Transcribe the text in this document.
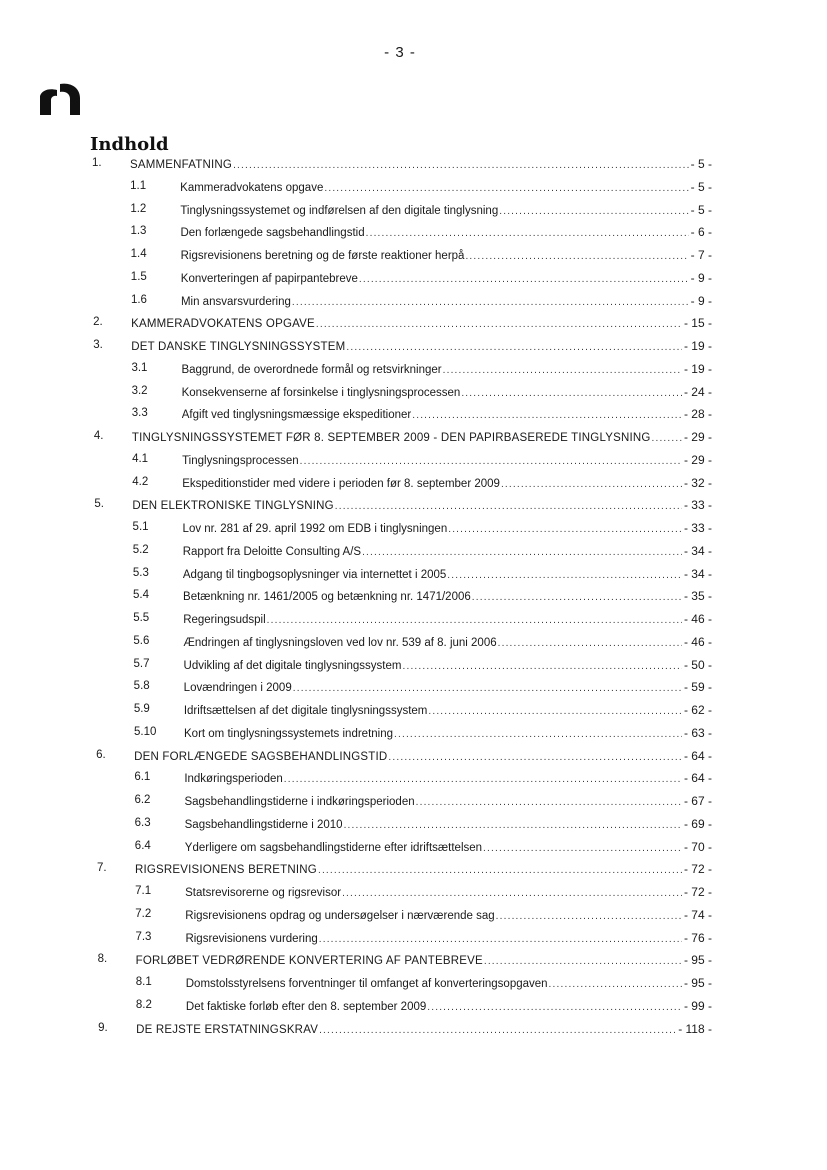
- 3 -
Indhold
1. SAMMENFATNING .....	- 5 -
1.1	Kammeradvokatens opgave .....	- 5 -
1.2	Tinglysningssystemet og indførelsen af den digitale tinglysning .....	- 5 -
1.3	Den forlængede sagsbehandlingstid .....	- 6 -
1.4	Rigsrevisionens beretning og de første reaktioner herpå .....	- 7 -
1.5	Konverteringen af papirpantebreve .....	- 9 -
1.6	Min ansvarsvurdering .....	- 9 -
2. KAMMERADVOKATENS OPGAVE .....	- 15 -
3. DET DANSKE TINGLYSNINGSSYSTEM .....	- 19 -
3.1	Baggrund, de overordnede formål og retsvirkninger .....	- 19 -
3.2	Konsekvenserne af forsinkelse i tinglysningsprocessen .....	- 24 -
3.3	Afgift ved tinglysningsmæssige ekspeditioner .....	- 28 -
4. TINGLYSNINGSSYSTEMET FØR 8. SEPTEMBER 2009 - DEN PAPIRBASEREDE TINGLYSNING .....	- 29 -
4.1	Tinglysningsprocessen .....	- 29 -
4.2	Ekspeditionstider med videre i perioden før 8. september 2009 .....	- 32 -
5. DEN ELEKTRONISKE TINGLYSNING .....	- 33 -
5.1	Lov nr. 281 af 29. april 1992 om EDB i tinglysningen .....	- 33 -
5.2	Rapport fra Deloitte Consulting A/S .....	- 34 -
5.3	Adgang til tingbogsoplysninger via internettet i 2005 .....	- 34 -
5.4	Betænkning nr. 1461/2005 og betænkning nr. 1471/2006 .....	- 35 -
5.5	Regeringsudspil .....	- 46 -
5.6	Ændringen af tinglysningsloven ved lov nr. 539 af 8. juni 2006 .....	- 46 -
5.7	Udvikling af det digitale tinglysningssystem .....	- 50 -
5.8	Lovændringen i 2009 .....	- 59 -
5.9	Idriftsættelsen af det digitale tinglysningssystem .....	- 62 -
5.10 Kort om tinglysningssystemets indretning .....	- 63 -
6. DEN FORLÆNGEDE SAGSBEHANDLINGSTID .....	- 64 -
6.1	Indkøringsperioden .....	- 64 -
6.2	Sagsbehandlingstiderne i indkøringsperioden .....	- 67 -
6.3	Sagsbehandlingstiderne i 2010 .....	- 69 -
6.4	Yderligere om sagsbehandlingstiderne efter idriftsættelsen .....	- 70 -
7. RIGSREVISIONENS BERETNING .....	- 72 -
7.1	Statsrevisorerne og rigsrevisor .....	- 72 -
7.2	Rigsrevisionens opdrag og undersøgelser i nærværende sag .....	- 74 -
7.3	Rigsrevisionens vurdering .....	- 76 -
8. FORLØBET VEDRØRENDE KONVERTERING AF PANTEBREVE .....	- 95 -
8.1	Domstolsstyrelsens forventninger til omfanget af konverteringsopgaven .....	- 95 -
8.2	Det faktiske forløb efter den 8. september 2009 .....	- 99 -
9. DE REJSTE ERSTATNINGSKRAV .....	- 118 -
